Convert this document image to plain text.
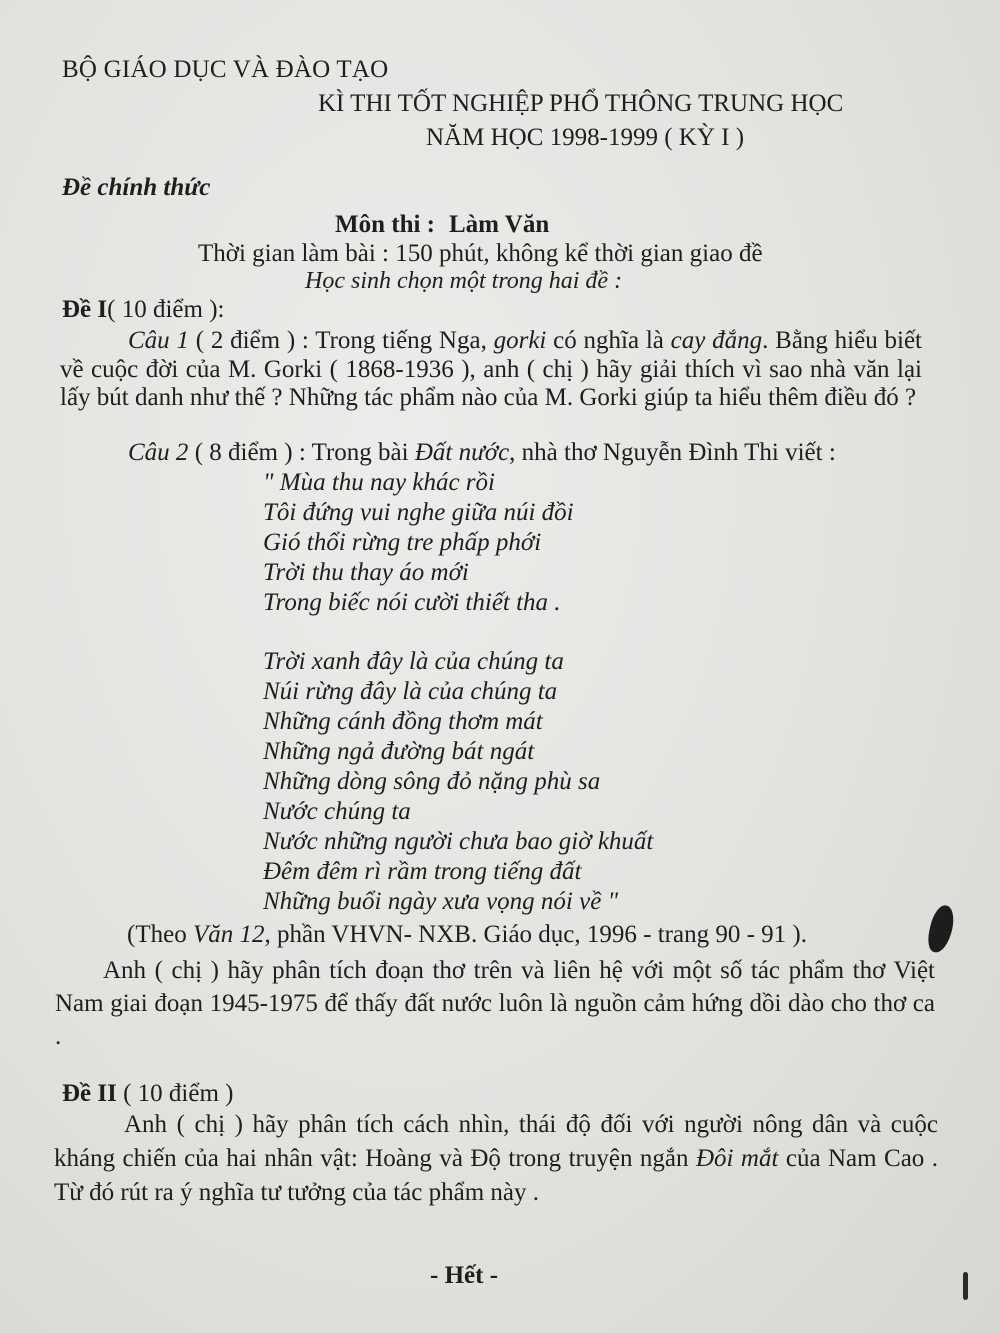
BỘ GIÁO DỤC VÀ ĐÀO TẠO
KÌ THI TỐT NGHIỆP PHỔ THÔNG TRUNG HỌC
NĂM HỌC 1998-1999 ( KỲ I )
Đề chính thức
Môn thi : Làm Văn
Thời gian làm bài : 150 phút, không kể thời gian giao đề
Học sinh chọn một trong hai đề :
Đề I( 10 điểm ):
Câu 1 ( 2 điểm ) : Trong tiếng Nga, gorki có nghĩa là cay đắng. Bằng hiểu biết về cuộc đời của M. Gorki ( 1868-1936 ), anh ( chị ) hãy giải thích vì sao nhà văn lại lấy bút danh như thế ? Những tác phẩm nào của M. Gorki giúp ta hiểu thêm điều đó ?
Câu 2 ( 8 điểm ) : Trong bài Đất nước, nhà thơ Nguyễn Đình Thi viết :
" Mùa thu nay khác rồi
Tôi đứng vui nghe giữa núi đồi
Gió thổi rừng tre phấp phới
Trời thu thay áo mới
Trong biếc nói cười thiết tha .
Trời xanh đây là của chúng ta
Núi rừng đây là của chúng ta
Những cánh đồng thơm mát
Những ngả đường bát ngát
Những dòng sông đỏ nặng phù sa
Nước chúng ta
Nước những người chưa bao giờ khuất
Đêm đêm rì rầm trong tiếng đất
Những buổi ngày xưa vọng nói về "
(Theo Văn 12, phần VHVN- NXB. Giáo dục, 1996 - trang 90 - 91 ).
Anh ( chị ) hãy phân tích đoạn thơ trên và liên hệ với một số tác phẩm thơ Việt Nam giai đoạn 1945-1975 để thấy đất nước luôn là nguồn cảm hứng dồi dào cho thơ ca .
Đề II ( 10 điểm )
Anh ( chị ) hãy phân tích cách nhìn, thái độ đối với người nông dân và cuộc kháng chiến của hai nhân vật: Hoàng và Độ trong truyện ngắn Đôi mắt của Nam Cao . Từ đó rút ra ý nghĩa tư tưởng của tác phẩm này .
- Hết -
